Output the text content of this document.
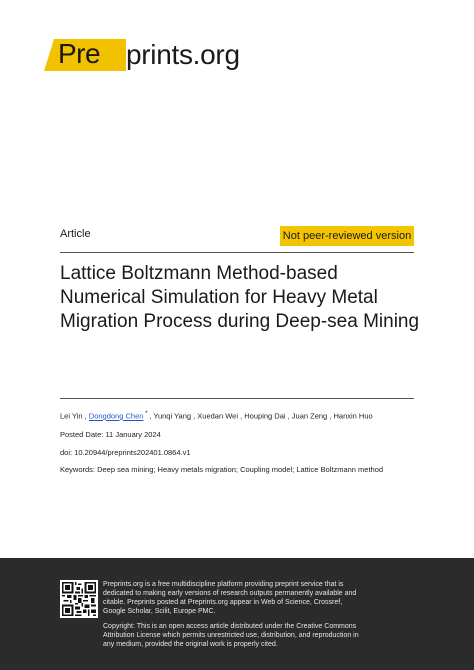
Pre prints.org
Article	Not peer-reviewed version
Lattice Boltzmann Method-based Numerical Simulation for Heavy Metal Migration Process during Deep-sea Mining
Lei Yin , Dongdong Chen * , Yunqi Yang , Xuedan Wei , Houping Dai , Juan Zeng , Hanxin Huo
Posted Date: 11 January 2024
doi: 10.20944/preprints202401.0864.v1
Keywords: Deep sea mining; Heavy metals migration; Coupling model; Lattice Boltzmann method
Preprints.org is a free multidiscipline platform providing preprint service that is dedicated to making early versions of research outputs permanently available and citable. Preprints posted at Preprints.org appear in Web of Science, Crossref, Google Scholar, Scilit, Europe PMC.
Copyright: This is an open access article distributed under the Creative Commons Attribution License which permits unrestricted use, distribution, and reproduction in any medium, provided the original work is properly cited.
